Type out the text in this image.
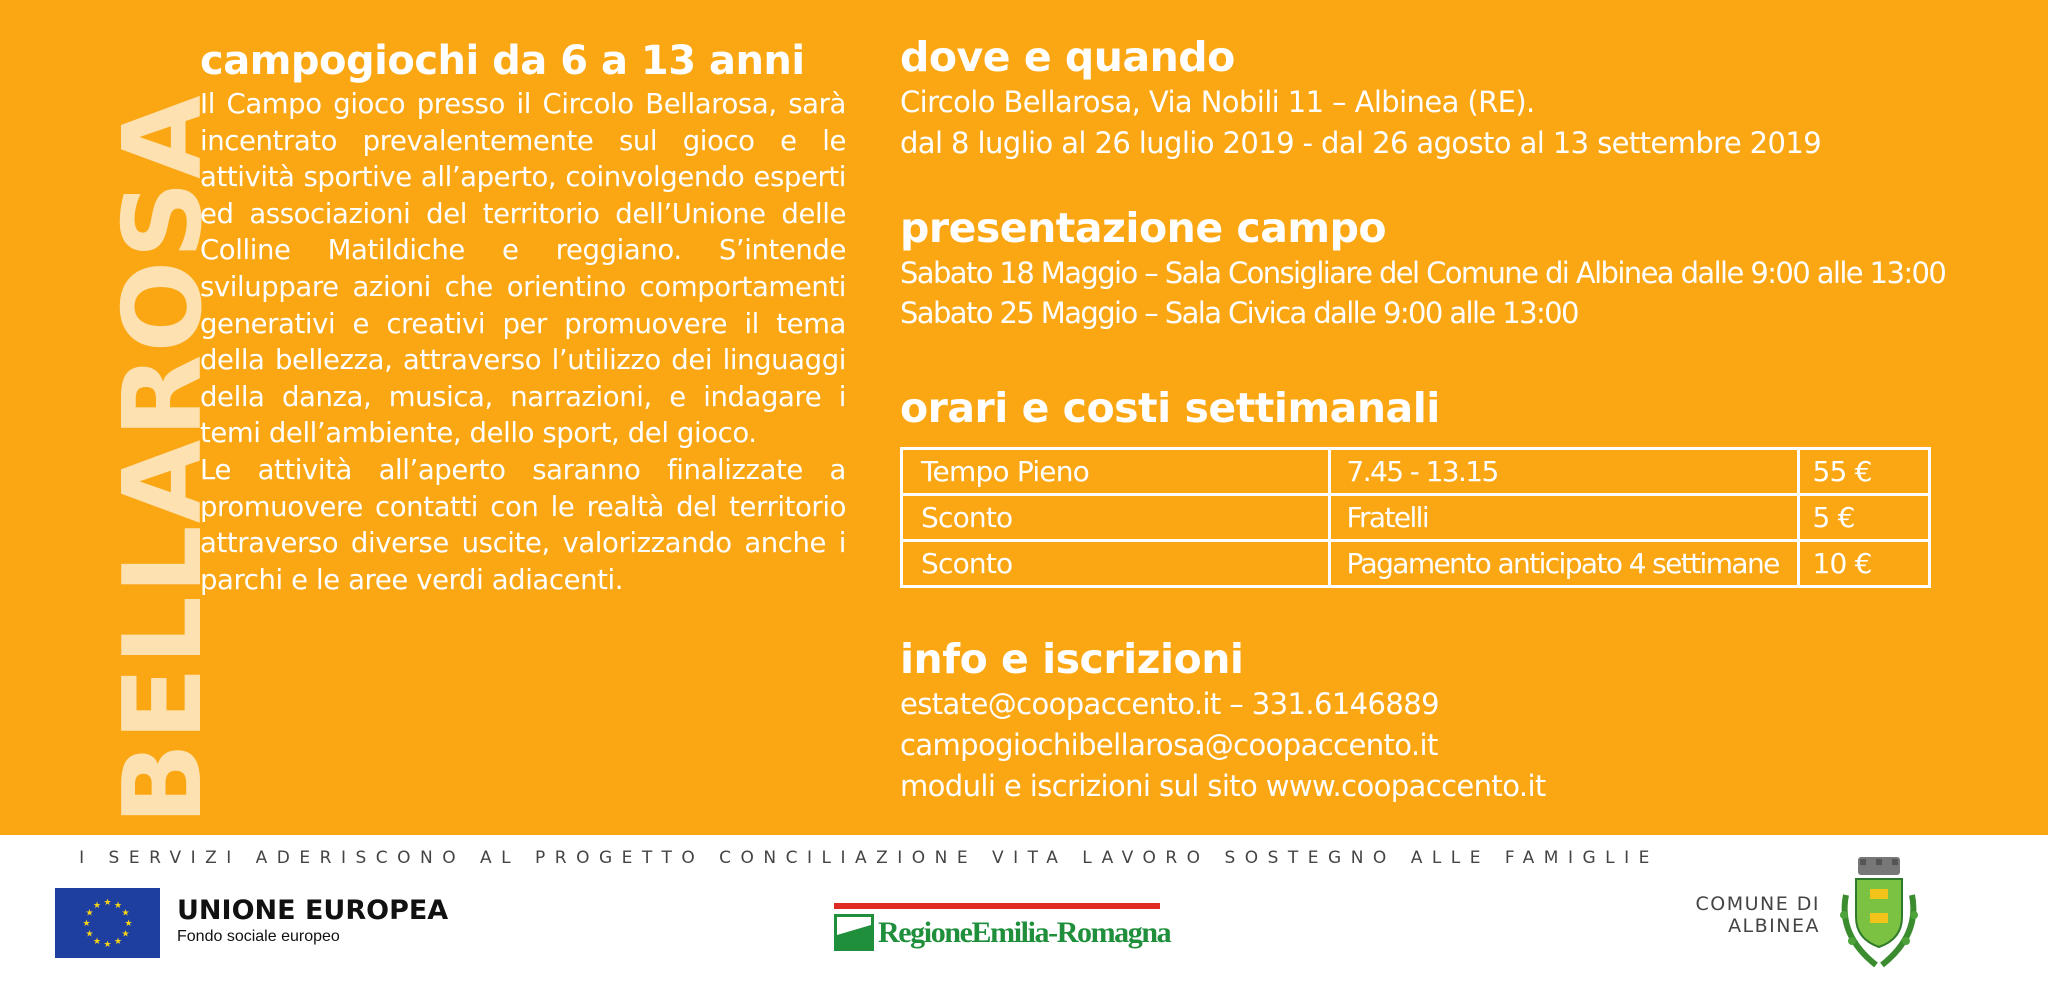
BELLAROSA
campogiochi da 6 a 13 anni

Il Campo gioco presso il Circolo Bellarosa, sarà incentrato prevalentemente sul gioco e le attività sportive all’aperto, coinvolgendo esperti ed associazioni del territorio dell’Unione delle Colline Matildiche e reggiano. S’intende sviluppare azioni che orientino comportamenti generativi e creativi per promuovere il tema della bellezza, attraverso l’utilizzo dei linguaggi della danza, musica, narrazioni, e indagare i temi dell’ambiente, dello sport, del gioco.

Le attività all’aperto saranno finalizzate a promuovere contatti con le realtà del territorio attraverso diverse uscite, valorizzando anche i parchi e le aree verdi adiacenti.

dove e quando
Circolo Bellarosa, Via Nobili 11 – Albinea (RE).
dal 8 luglio al 26 luglio 2019 - dal 26 agosto al 13 settembre 2019
presentazione campo
Sabato 18 Maggio – Sala Consigliare del Comune di Albinea dalle 9:00 alle 13:00
Sabato 25 Maggio – Sala Civica dalle 9:00 alle 13:00
orari e costi settimanali
Tempo Pieno	7.45 - 13.15	55 €
Sconto	Fratelli	5 €
Sconto	Pagamento anticipato 4 settimane	10 €
info e iscrizioni
estate@coopaccento.it – 331.6146889
campogiochibellarosa@coopaccento.it
moduli e iscrizioni sul sito www.coopaccento.it
I SERVIZI ADERISCONO AL PROGETTO CONCILIAZIONE VITA LAVORO SOSTEGNO ALLE FAMIGLIE
★ ★
★
★
★
★
★
★
★
★
★
★	UNIONE EUROPEA
Fondo sociale europeo	RegioneEmilia-Romagna
COMUNE DI
ALBINEA
